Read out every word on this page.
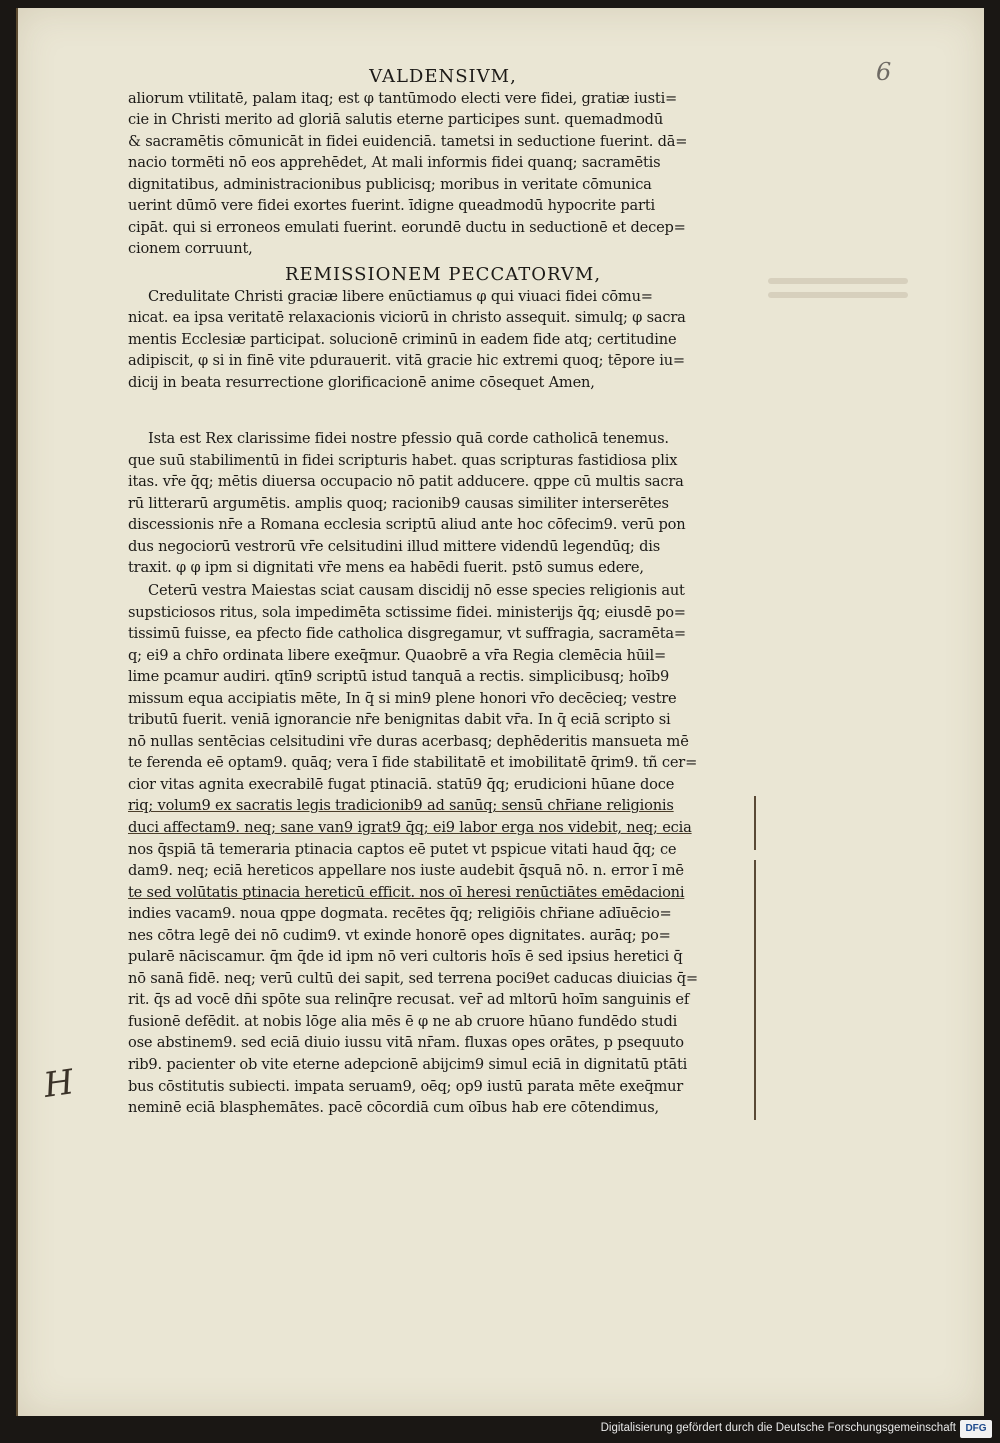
6
VALDENSIVM,
aliorum vtilitatē, palam itaq; est φ tantūmodo electi vere fidei, gratiæ iusti=
cie in Christi merito ad gloriā salutis eterne participes sunt. quemadmodū
& sacramētis cōmunicāt in fidei euidenciā. tametsi in seductione fuerint. dā=
nacio tormēti nō eos apprehēdet, At mali informis fidei quanq; sacramētis
dignitatibus, administracionibus publicisq; moribus in veritate cōmunica
uerint dūmō vere fidei exortes fuerint. īdigne queadmodū hypocrite parti
cipāt. qui si erroneos emulati fuerint. eorundē ductu in seductionē et decep=
cionem corruunt,
REMISSIONEM PECCATORVM,
Credulitate Christi graciæ libere enūctiamus φ qui viuaci fidei cōmu=
nicat. ea ipsa veritatē relaxacionis viciorū in christo assequit. simulq; φ sacra
mentis Ecclesiæ participat. solucionē criminū in eadem fide atq; certitudine
adipiscit, φ si in finē vite pdurauerit. vitā gracie hic extremi quoq; tēpore iu=
dicij in beata resurrectione glorificacionē anime cōsequet Amen,
Ista est Rex clarissime fidei nostre pfessio quā corde catholicā tenemus.
que suū stabilimentū in fidei scripturis habet. quas scripturas fastidiosa plix
itas. vr̄e q̄q; mētis diuersa occupacio nō patit adducere. qppe cū multis sacra
rū litterarū argumētis. amplis quoq; racionib9 causas similiter interserētes
discessionis nr̄e a Romana ecclesia scriptū aliud ante hoc cōfecim9. verū pon
dus negociorū vestrorū vr̄e celsitudini illud mittere videndū legendūq; dis
traxit. φ φ ipm si dignitati vr̄e mens ea habēdi fuerit. pstō sumus edere,
Ceterū vestra Maiestas sciat causam discidij nō esse species religionis aut
supsticiosos ritus, sola impedimēta sctissime fidei. ministerijs q̄q; eiusdē po=
tissimū fuisse, ea pfecto fide catholica disgregamur, vt suffragia, sacramēta=
q; ei9 a chr̄o ordinata libere exeq̄mur. Quaobrē a vr̄a Regia clemēcia hūil=
lime pcamur audiri. qtīn9 scriptū istud tanquā a rectis. simplicibusq; hoīb9
missum equa accipiatis mēte, In q̄ si min9 plene honori vr̄o decēcieq; vestre
tributū fuerit. veniā ignorancie nr̄e benignitas dabit vr̄a. In q̄ eciā scripto si
nō nullas sentēcias celsitudini vr̄e duras acerbasq; dephēderitis mansueta mē
te ferenda eē optam9. quāq; vera ī fide stabilitatē et imobilitatē q̄rim9. tñ cer=
cior vitas agnita execrabilē fugat ptinaciā. statū9 q̄q; erudicioni hūane doce
riq; volum9 ex sacratis legis tradicionib9 ad sanūq; sensū chr̄iane religionis
duci affectam9. neq; sane van9 igrat9 q̄q; ei9 labor erga nos videbit, neq; ecia
nos q̄spiā tā temeraria ptinacia captos eē putet vt pspicue vitati haud q̄q; ce
dam9. neq; eciā hereticos appellare nos iuste audebit q̄squā nō. n. error ī mē
te sed volūtatis ptinacia hereticū efficit. nos oī heresi renūctiātes emēdacioni
indies vacam9. noua qppe dogmata. recētes q̄q; religiōis chr̄iane adīuēcio=
nes cōtra legē dei nō cudim9. vt exinde honorē opes dignitates. aurāq; po=
pularē nāciscamur. q̄m q̄de id ipm nō veri cultoris hoīs ē sed ipsius heretici q̄
nō sanā fidē. neq; verū cultū dei sapit, sed terrena poci9et caducas diuicias q̄=
rit. q̄s ad vocē dn̄i spōte sua relinq̄re recusat. ver̄ ad mltorū hoīm sanguinis ef
fusionē defēdit. at nobis lōge alia mēs ē φ ne ab cruore hūano fundēdo studi
ose abstinem9. sed eciā diuio iussu vitā nr̄am. fluxas opes orātes, p psequuto
rib9. pacienter ob vite eterne adepcionē abijcim9 simul eciā in dignitatū ptāti
bus cōstitutis subiecti. impata seruam9, oēq; op9 iustū parata mēte exeq̄mur
neminē eciā blasphemātes. pacē cōcordiā cum oībus hab ere cōtendimus,
H
Digitalisierung gefördert durch die Deutsche Forschungsgemeinschaft DFG
